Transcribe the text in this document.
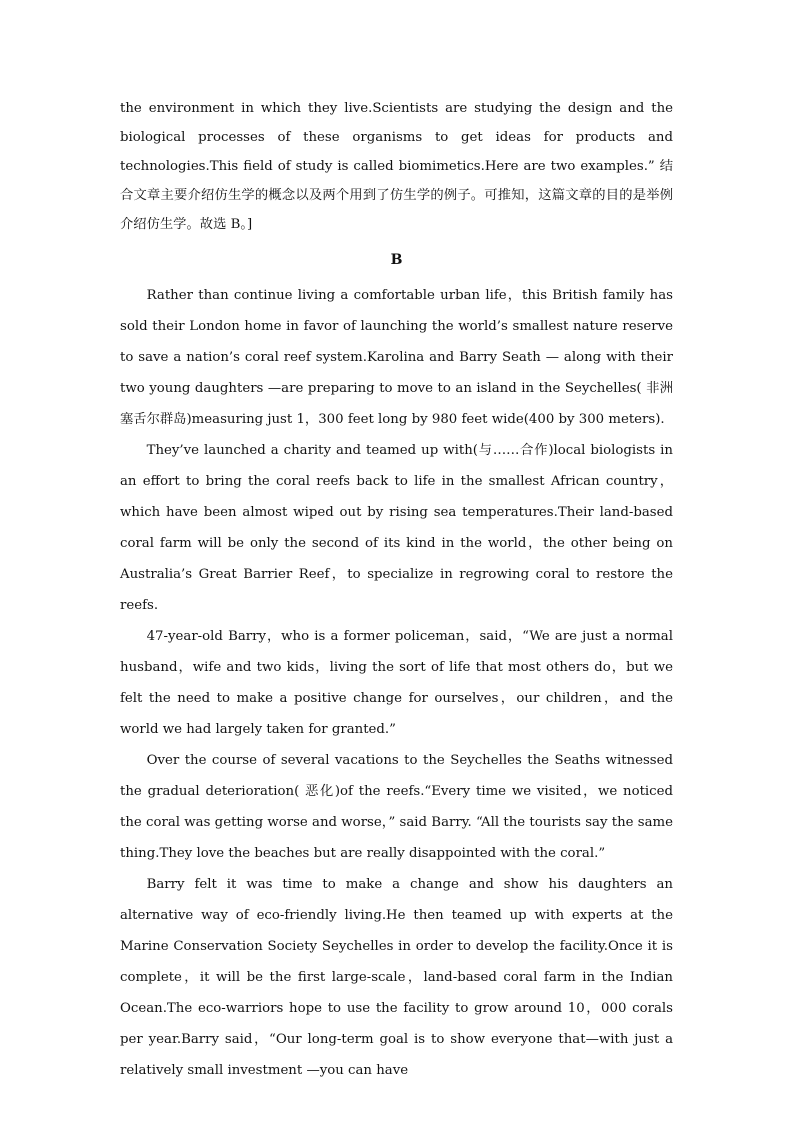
the environment in which they live.Scientists are studying the design and the biological processes of these organisms to get ideas for products and technologies.This field of study is called biomimetics.Here are two examples.” 结合文章主要介绍仿生学的概念以及两个用到了仿生学的例子。可推知，这篇文章的目的是举例介绍仿生学。故选 B。]
B
Rather than continue living a comfortable urban life，this British family has sold their London home in favor of launching the world’s smallest nature reserve to save a nation’s coral reef system.Karolina and Barry Seath — along with their two young daughters —are preparing to move to an island in the Seychelles( 非洲塞舌尔群岛)measuring just 1，300 feet long by 980 feet wide(400 by 300 meters).
They’ve launched a charity and teamed up with(与……合作)local biologists in an effort to bring the coral reefs back to life in the smallest African country，which have been almost wiped out by rising sea temperatures.Their land-based coral farm will be only the second of its kind in the world，the other being on Australia’s Great Barrier Reef，to specialize in regrowing coral to restore the reefs.
47-year-old Barry，who is a former policeman，said，“We are just a normal husband，wife and two kids，living the sort of life that most others do，but we felt the need to make a positive change for ourselves，our children，and the world we had largely taken for granted.”
Over the course of several vacations to the Seychelles the Seaths witnessed the gradual deterioration( 恶化)of the reefs.“Every time we visited，we noticed the coral was getting worse and worse，” said Barry. “All the tourists say the same thing.They love the beaches but are really disappointed with the coral.”
Barry felt it was time to make a change and show his daughters an alternative way of eco-friendly living.He then teamed up with experts at the Marine Conservation Society Seychelles in order to develop the facility.Once it is complete，it will be the first large-scale，land-based coral farm in the Indian Ocean.The eco-warriors hope to use the facility to grow around 10，000 corals per year.Barry said，“Our long-term goal is to show everyone that—with just a relatively small investment —you can have
